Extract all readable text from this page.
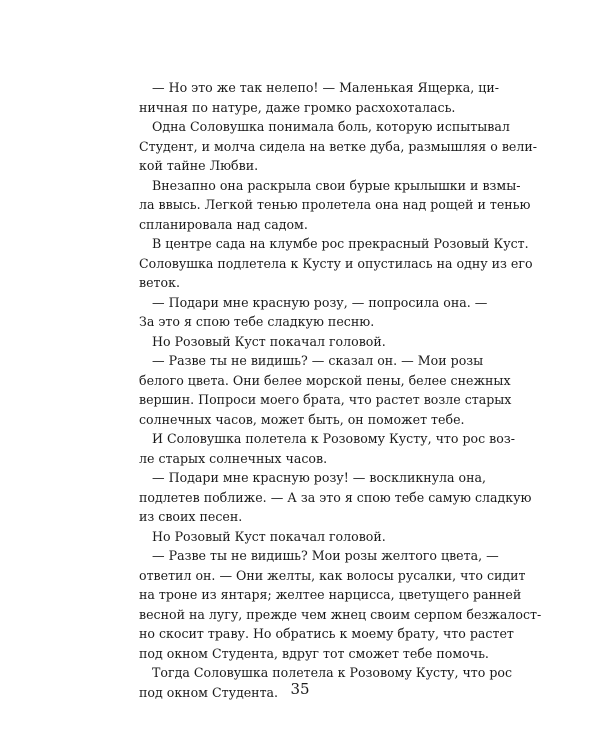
— Но это же так нелепо! — Маленькая Ящерка, ци-
ничная по натуре, даже громко расхохоталась.
Одна Соловушка понимала боль, которую испытывал
Студент, и молча сидела на ветке дуба, размышляя о вели-
кой тайне Любви.
Внезапно она раскрыла свои бурые крылышки и взмы-
ла ввысь. Легкой тенью пролетела она над рощей и тенью
спланировала над садом.
В центре сада на клумбе рос прекрасный Розовый Куст.
Соловушка подлетела к Кусту и опустилась на одну из его
веток.
— Подари мне красную розу, — попросила она. —
За это я спою тебе сладкую песню.
Но Розовый Куст покачал головой.
— Разве ты не видишь? — сказал он. — Мои розы
белого цвета. Они белее морской пены, белее снежных
вершин. Попроси моего брата, что растет возле старых
солнечных часов, может быть, он поможет тебе.
И Соловушка полетела к Розовому Кусту, что рос воз-
ле старых солнечных часов.
— Подари мне красную розу! — воскликнула она,
подлетев поближе. — А за это я спою тебе самую сладкую
из своих песен.
Но Розовый Куст покачал головой.
— Разве ты не видишь? Мои розы желтого цвета, —
ответил он. — Они желты, как волосы русалки, что сидит
на троне из янтаря; желтее нарцисса, цветущего ранней
весной на лугу, прежде чем жнец своим серпом безжалост-
но скосит траву. Но обратись к моему брату, что растет
под окном Студента, вдруг тот сможет тебе помочь.
Тогда Соловушка полетела к Розовому Кусту, что рос
под окном Студента. 35
